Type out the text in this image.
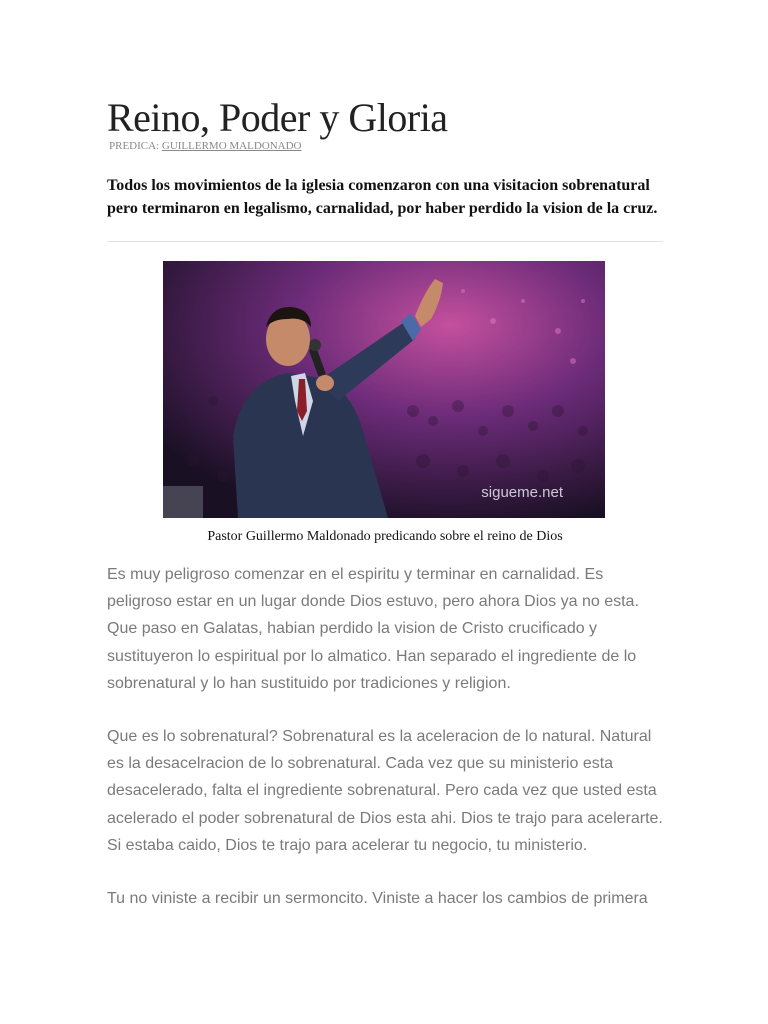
Reino, Poder y Gloria
PREDICA: GUILLERMO MALDONADO

Todos los movimientos de la iglesia comenzaron con una visitacion sobrenatural pero terminaron en legalismo, carnalidad, por haber perdido la vision de la cruz.

sigueme.net
Pastor Guillermo Maldonado predicando sobre el reino de Dios

Es muy peligroso comenzar en el espiritu y terminar en carnalidad. Es peligroso estar en un lugar donde Dios estuvo, pero ahora Dios ya no esta. Que paso en Galatas, habian perdido la vision de Cristo crucificado y sustituyeron lo espiritual por lo almatico. Han separado el ingrediente de lo sobrenatural y lo han sustituido por tradiciones y religion.

Que es lo sobrenatural? Sobrenatural es la aceleracion de lo natural. Natural es la desacelracion de lo sobrenatural. Cada vez que su ministerio esta desacelerado, falta el ingrediente sobrenatural. Pero cada vez que usted esta acelerado el poder sobrenatural de Dios esta ahi. Dios te trajo para acelerarte. Si estaba caido, Dios te trajo para acelerar tu negocio, tu ministerio.

Tu no viniste a recibir un sermoncito. Viniste a hacer los cambios de primera
